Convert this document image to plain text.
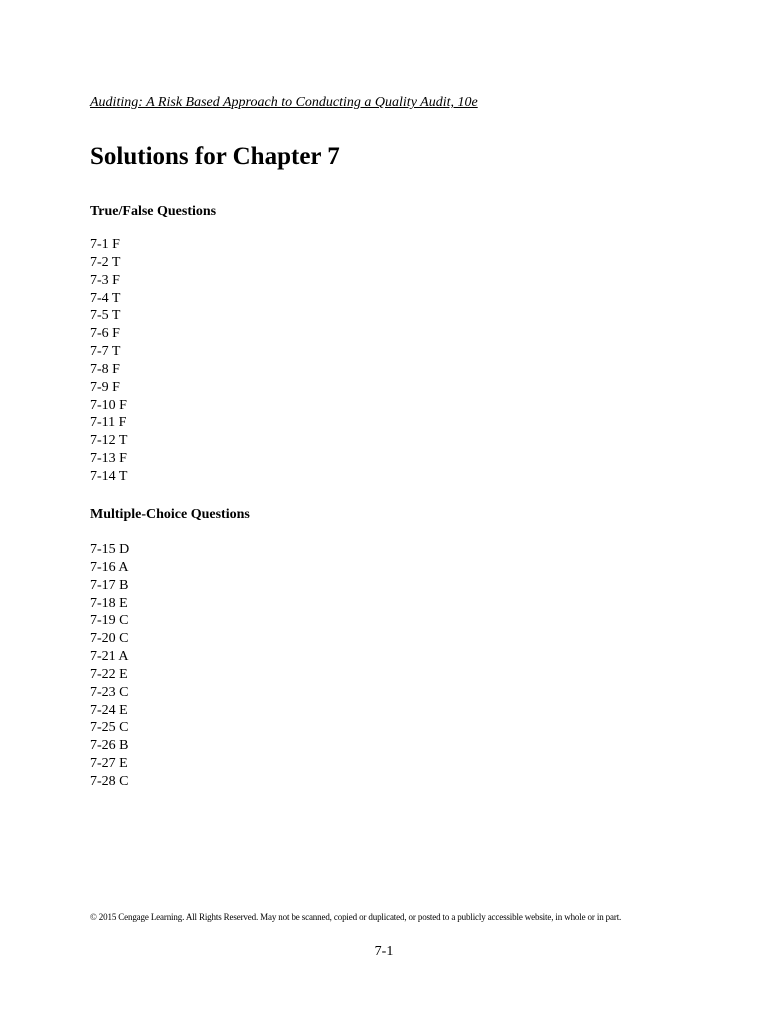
Auditing: A Risk Based Approach to Conducting a Quality Audit, 10e
Solutions for Chapter 7
True/False Questions
7-1 F
7-2 T
7-3 F
7-4 T
7-5 T
7-6 F
7-7 T
7-8 F
7-9 F
7-10 F
7-11 F
7-12 T
7-13 F
7-14 T
Multiple-Choice Questions
7-15 D
7-16 A
7-17 B
7-18 E
7-19 C
7-20 C
7-21 A
7-22 E
7-23 C
7-24 E
7-25 C
7-26 B
7-27 E
7-28 C
© 2015 Cengage Learning. All Rights Reserved. May not be scanned, copied or duplicated, or posted to a publicly accessible website, in whole or in part.
7-1
